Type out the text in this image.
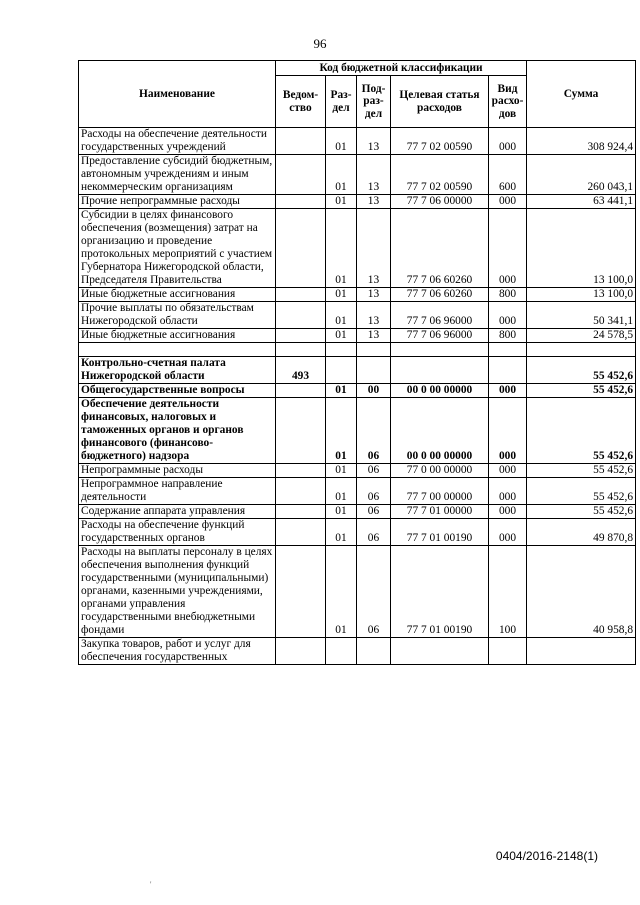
96
Наименование	Код бюджетной классификации					Сумма
	Ведом-ство	Раз-дел	Под-раз-дел	Целевая статья расходов	Вид расхо-дов	
Расходы на обеспечение деятельности государственных учреждений		01	13	77 7 02 00590	000	308 924,4
Предоставление субсидий бюджетным, автономным учреждениям и иным некоммерческим организациям		01	13	77 7 02 00590	600	260 043,1
Прочие непрограммные расходы		01	13	77 7 06 00000	000	63 441,1
Субсидии в целях финансового обеспечения (возмещения) затрат на организацию и проведение протокольных мероприятий с участием Губернатора Нижегородской области, Председателя Правительства		01	13	77 7 06 60260	000	13 100,0
Иные бюджетные ассигнования		01	13	77 7 06 60260	800	13 100,0
Прочие выплаты по обязательствам Нижегородской области		01	13	77 7 06 96000	000	50 341,1
Иные бюджетные ассигнования		01	13	77 7 06 96000	800	24 578,5

Контрольно-счетная палата Нижегородской области	493					55 452,6
Общегосударственные вопросы		01	00	00 0 00 00000	000	55 452,6
Обеспечение деятельности финансовых, налоговых и таможенных органов и органов финансового (финансово-бюджетного) надзора		01	06	00 0 00 00000	000	55 452,6
Непрограммные расходы		01	06	77 0 00 00000	000	55 452,6
Непрограммное направление деятельности		01	06	77 7 00 00000	000	55 452,6
Содержание аппарата управления		01	06	77 7 01 00000	000	55 452,6
Расходы на обеспечение функций государственных органов		01	06	77 7 01 00190	000	49 870,8
Расходы на выплаты персоналу в целях обеспечения выполнения функций государственными (муниципальными) органами, казенными учреждениями, органами управления государственными внебюджетными фондами		01	06	77 7 01 00190	100	40 958,8
Закупка товаров, работ и услуг для обеспечения государственных						
0404/2016-2148(1)
'
